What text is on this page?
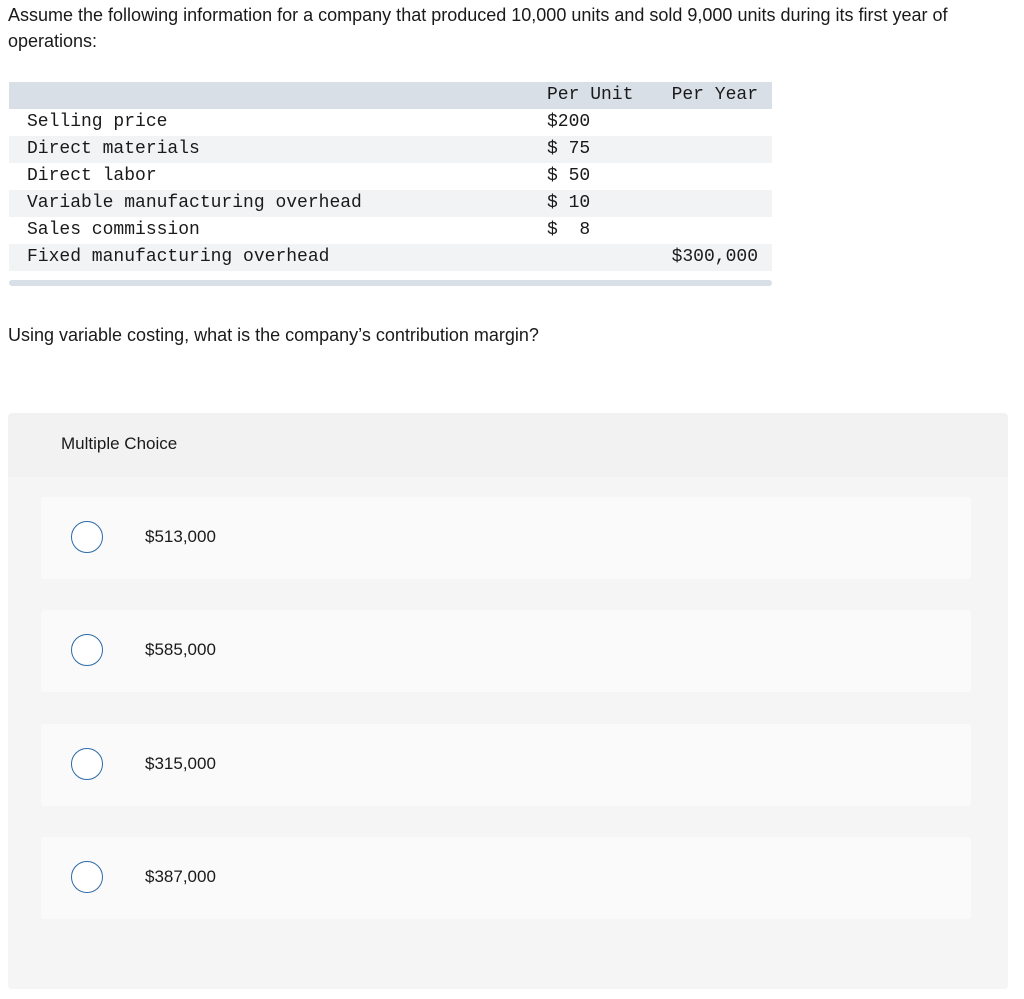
Assume the following information for a company that produced 10,000 units and sold 9,000 units during its first year of operations:

	Per Unit	Per Year
Selling price	$200	
Direct materials	$ 75	
Direct labor	$ 50	
Variable manufacturing overhead	$ 10	
Sales commission	$  8	
Fixed manufacturing overhead		$300,000

Using variable costing, what is the company’s contribution margin?

Multiple Choice
$513,000
$585,000
$315,000
$387,000
